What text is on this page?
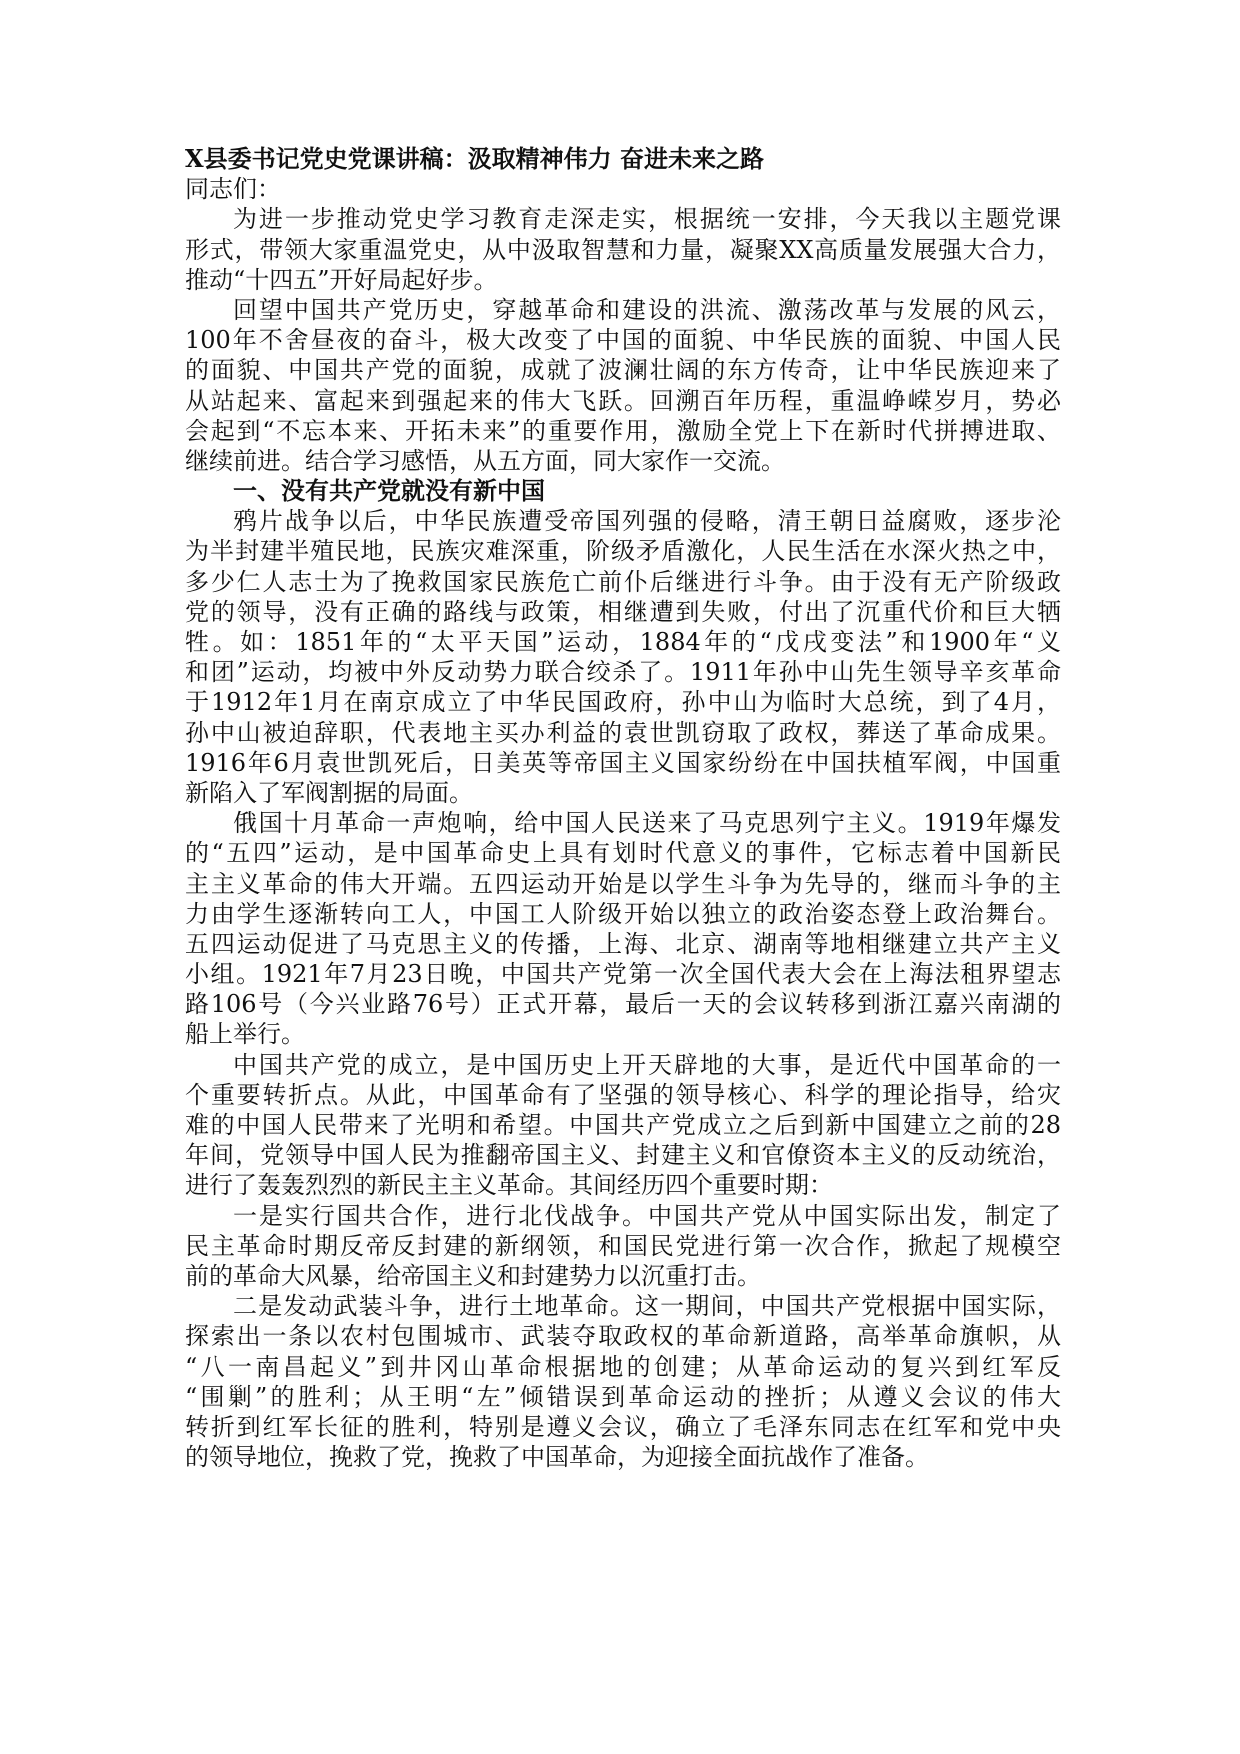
X县委书记党史党课讲稿：汲取精神伟力 奋进未来之路
同志们：
为进一步推动党史学习教育走深走实，根据统一安排，今天我以主题党课
形式，带领大家重温党史，从中汲取智慧和力量，凝聚XX高质量发展强大合力，
推动“十四五”开好局起好步。
回望中国共产党历史，穿越革命和建设的洪流、激荡改革与发展的风云，
100年不舍昼夜的奋斗，极大改变了中国的面貌、中华民族的面貌、中国人民
的面貌、中国共产党的面貌，成就了波澜壮阔的东方传奇，让中华民族迎来了
从站起来、富起来到强起来的伟大飞跃。回溯百年历程，重温峥嵘岁月，势必
会起到“不忘本来、开拓未来”的重要作用，激励全党上下在新时代拼搏进取、
继续前进。结合学习感悟，从五方面，同大家作一交流。
一、没有共产党就没有新中国
鸦片战争以后，中华民族遭受帝国列强的侵略，清王朝日益腐败，逐步沦
为半封建半殖民地，民族灾难深重，阶级矛盾激化，人民生活在水深火热之中，
多少仁人志士为了挽救国家民族危亡前仆后继进行斗争。由于没有无产阶级政
党的领导，没有正确的路线与政策，相继遭到失败，付出了沉重代价和巨大牺
牲。如：1851年的“太平天国”运动，1884年的“戊戌变法”和1900年“义
和团”运动，均被中外反动势力联合绞杀了。1911年孙中山先生领导辛亥革命
于1912年1月在南京成立了中华民国政府，孙中山为临时大总统，到了4月，
孙中山被迫辞职，代表地主买办利益的袁世凯窃取了政权，葬送了革命成果。
1916年6月袁世凯死后，日美英等帝国主义国家纷纷在中国扶植军阀，中国重
新陷入了军阀割据的局面。
俄国十月革命一声炮响，给中国人民送来了马克思列宁主义。1919年爆发
的“五四”运动，是中国革命史上具有划时代意义的事件，它标志着中国新民
主主义革命的伟大开端。五四运动开始是以学生斗争为先导的，继而斗争的主
力由学生逐渐转向工人，中国工人阶级开始以独立的政治姿态登上政治舞台。
五四运动促进了马克思主义的传播，上海、北京、湖南等地相继建立共产主义
小组。1921年7月23日晚，中国共产党第一次全国代表大会在上海法租界望志
路106号（今兴业路76号）正式开幕，最后一天的会议转移到浙江嘉兴南湖的
船上举行。
中国共产党的成立，是中国历史上开天辟地的大事，是近代中国革命的一
个重要转折点。从此，中国革命有了坚强的领导核心、科学的理论指导，给灾
难的中国人民带来了光明和希望。中国共产党成立之后到新中国建立之前的28
年间，党领导中国人民为推翻帝国主义、封建主义和官僚资本主义的反动统治，
进行了轰轰烈烈的新民主主义革命。其间经历四个重要时期：
一是实行国共合作，进行北伐战争。中国共产党从中国实际出发，制定了
民主革命时期反帝反封建的新纲领，和国民党进行第一次合作，掀起了规模空
前的革命大风暴，给帝国主义和封建势力以沉重打击。
二是发动武装斗争，进行土地革命。这一期间，中国共产党根据中国实际，
探索出一条以农村包围城市、武装夺取政权的革命新道路，高举革命旗帜，从
“八一南昌起义”到井冈山革命根据地的创建；从革命运动的复兴到红军反
“围剿”的胜利；从王明“左”倾错误到革命运动的挫折；从遵义会议的伟大
转折到红军长征的胜利，特别是遵义会议，确立了毛泽东同志在红军和党中央
的领导地位，挽救了党，挽救了中国革命，为迎接全面抗战作了准备。
